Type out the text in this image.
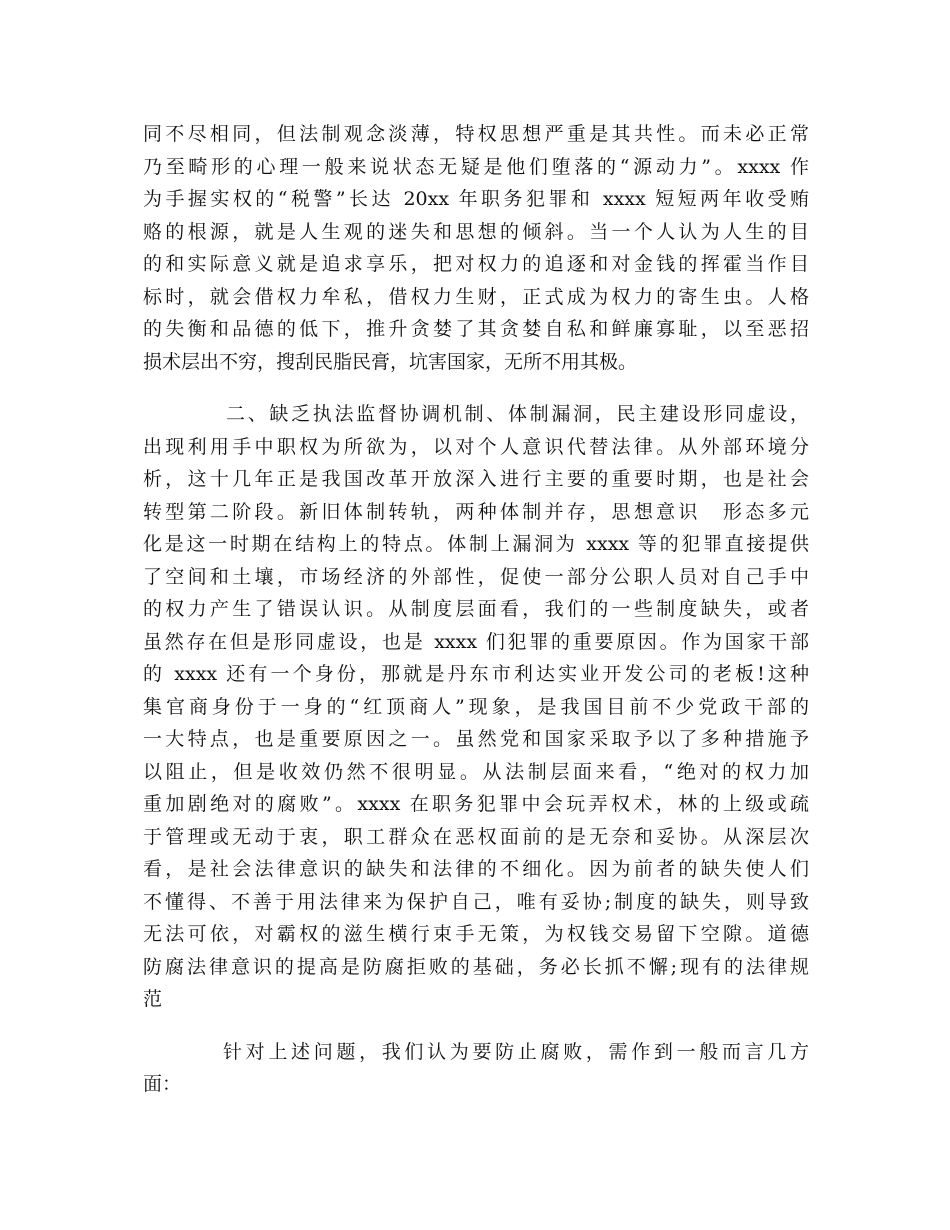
同不尽相同，但法制观念淡薄，特权思想严重是其共性。而未必正常
乃至畸形的心理一般来说状态无疑是他们堕落的“源动力”。xxxx 作
为手握实权的“税警”长达 20xx 年职务犯罪和 xxxx 短短两年收受贿
赂的根源，就是人生观的迷失和思想的倾斜。当一个人认为人生的目
的和实际意义就是追求享乐，把对权力的追逐和对金钱的挥霍当作目
标时，就会借权力牟私，借权力生财，正式成为权力的寄生虫。人格
的失衡和品德的低下，推升贪婪了其贪婪自私和鲜廉寡耻，以至恶招
损术层出不穷，搜刮民脂民膏，坑害国家，无所不用其极。
二、缺乏执法监督协调机制、体制漏洞，民主建设形同虚设，
出现利用手中职权为所欲为，以对个人意识代替法律。从外部环境分
析，这十几年正是我国改革开放深入进行主要的重要时期，也是社会
转型第二阶段。新旧体制转轨，两种体制并存，思想意识　形态多元
化是这一时期在结构上的特点。体制上漏洞为 xxxx 等的犯罪直接提供
了空间和土壤，市场经济的外部性，促使一部分公职人员对自己手中
的权力产生了错误认识。从制度层面看，我们的一些制度缺失，或者
虽然存在但是形同虚设，也是 xxxx 们犯罪的重要原因。作为国家干部
的 xxxx 还有一个身份，那就是丹东市利达实业开发公司的老板!这种
集官商身份于一身的“红顶商人”现象，是我国目前不少党政干部的
一大特点，也是重要原因之一。虽然党和国家采取予以了多种措施予
以阻止，但是收效仍然不很明显。从法制层面来看，“绝对的权力加
重加剧绝对的腐败”。xxxx 在职务犯罪中会玩弄权术，林的上级或疏
于管理或无动于衷，职工群众在恶权面前的是无奈和妥协。从深层次
看，是社会法律意识的缺失和法律的不细化。因为前者的缺失使人们
不懂得、不善于用法律来为保护自己，唯有妥协;制度的缺失，则导致
无法可依，对霸权的滋生横行束手无策，为权钱交易留下空隙。道德
防腐法律意识的提高是防腐拒败的基础，务必长抓不懈;现有的法律规
范
针对上述问题，我们认为要防止腐败，需作到一般而言几方
面：
